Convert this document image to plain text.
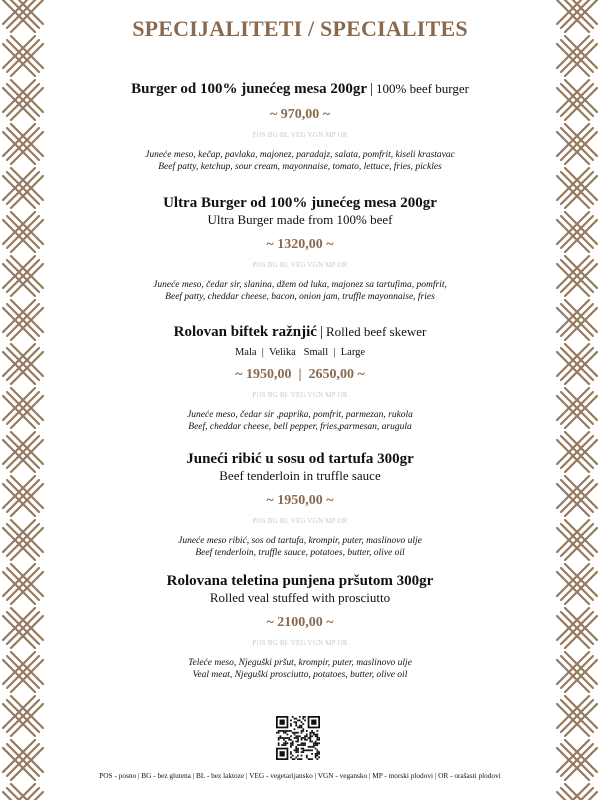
SPECIJALITETI / SPECIALITES
Burger od 100% junećeg mesa 200gr | 100% beef burger
~ 970,00 ~
POS BG BL VEG VGN MP OR
Juneće meso, kečap, pavlaka, majonez, paradajz, salata, pomfrit, kiseli krastavac
Beef patty, ketchup, sour cream, mayonnaise, tomato, lettuce, fries, pickles
Ultra Burger od 100% junećeg mesa 200gr
Ultra Burger made from 100% beef
~ 1320,00 ~
POS BG BL VEG VGN MP OR
Juneće meso, čedar sir, slanina, džem od luka, majonez sa tartufima, pomfrit,
Beef patty, cheddar cheese, bacon, onion jam, truffle mayonnaise, fries
Rolovan biftek ražnjić | Rolled beef skewer
Mala  |  Velika   Small  |  Large
~ 1950,00  |  2650,00 ~
POS BG BL VEG VGN MP OR
Juneće meso, čedar sir ,paprika, pomfrit, parmezan, rukola
Beef, cheddar cheese, bell pepper, fries,parmesan, arugula
Juneći ribić u sosu od tartufa 300gr
Beef tenderloin in truffle sauce
~ 1950,00 ~
POS BG BL VEG VGN MP OR
Juneće meso ribić, sos od tartufa, krompir, puter, maslinovo ulje
Beef tenderloin, truffle sauce, potatoes, butter, olive oil
Rolovana teletina punjena pršutom 300gr
Rolled veal stuffed with prosciutto
~ 2100,00 ~
POS BG BL VEG VGN MP OR
Teleće meso, Njeguški pršut, krompir, puter, maslinovo ulje
Veal meat, Njeguški prosciutto, potatoes, butter, olive oil
POS - posno | BG - bez glutena | BL - bez laktoze | VEG - vegetarijansko | VGN - vegansko | MP - morski plodovi | OR - orašasti plodovi
